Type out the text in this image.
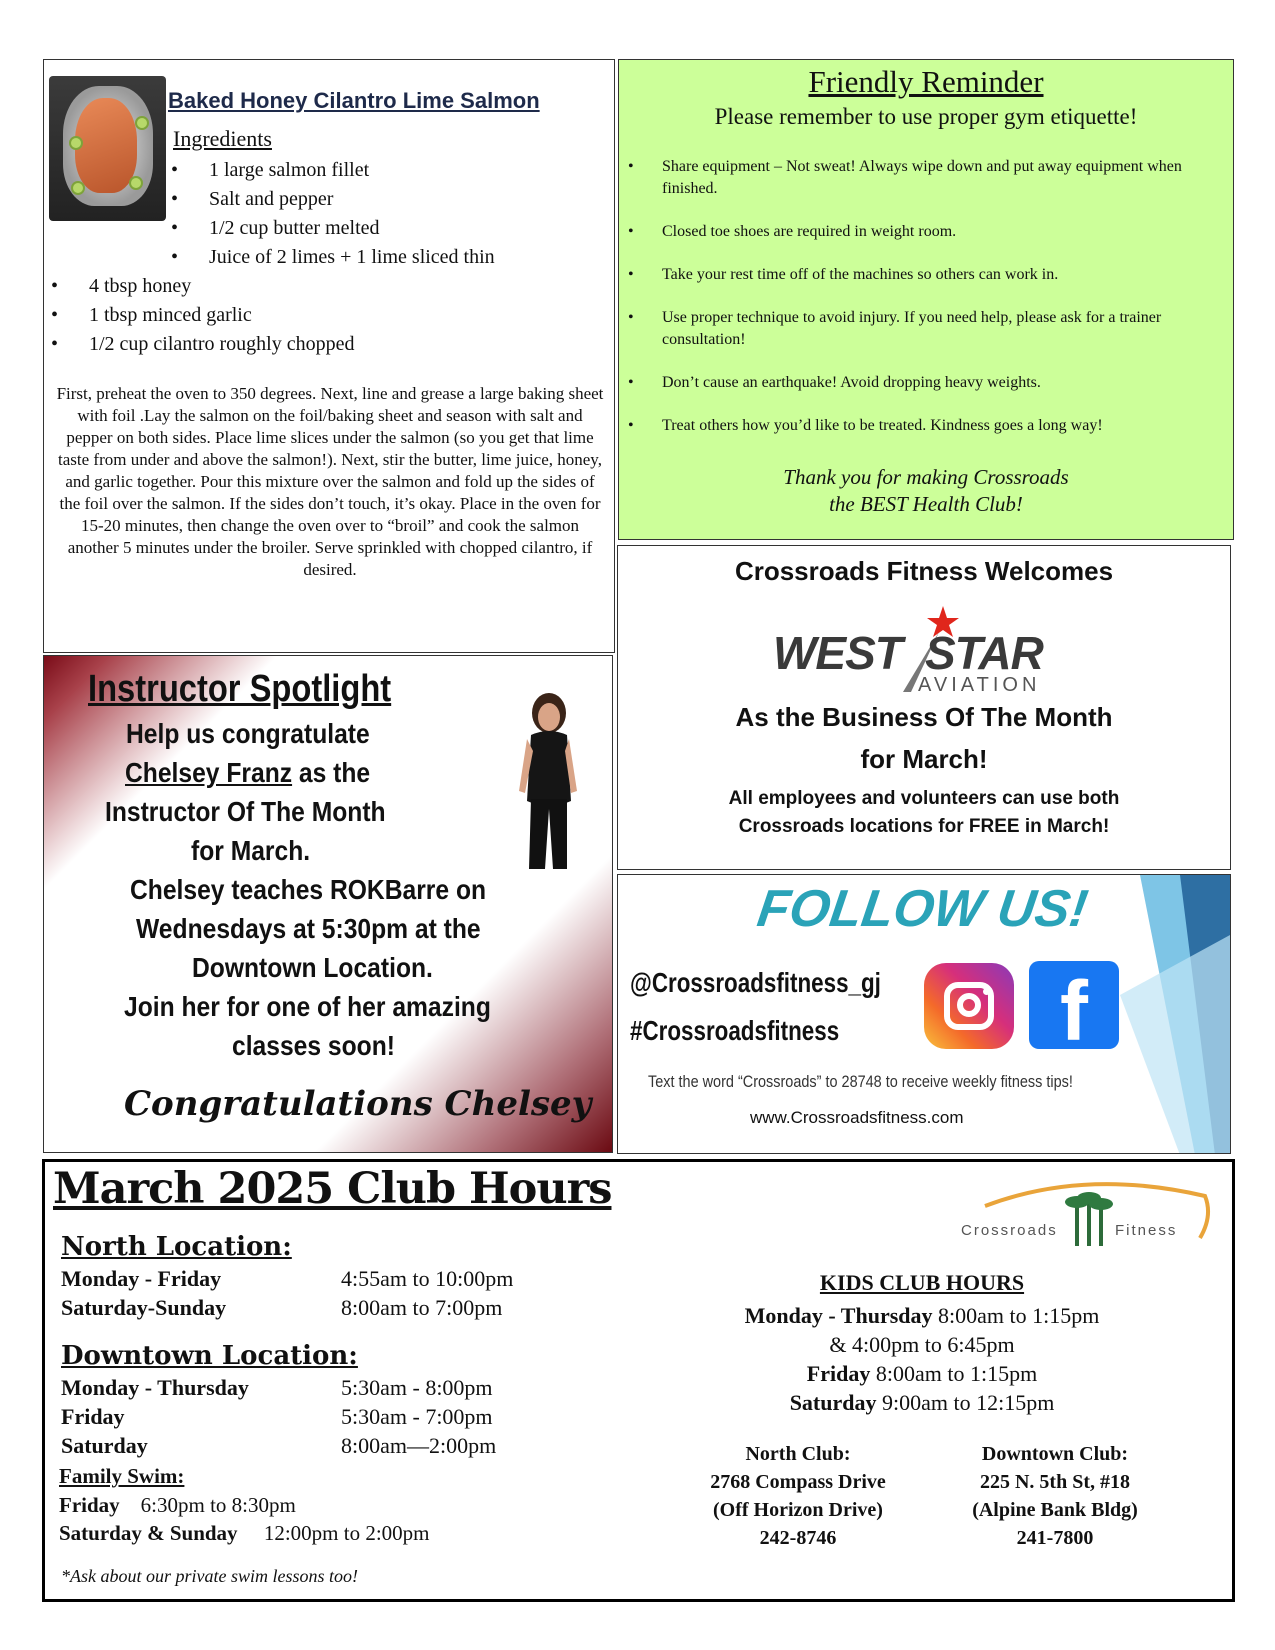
Baked Honey Cilantro Lime Salmon
Ingredients
• 1 large salmon fillet
• Salt and pepper
• 1/2 cup butter melted
• Juice of 2 limes + 1 lime sliced thin
• 4 tbsp honey
• 1 tbsp minced garlic
• 1/2 cup cilantro roughly chopped
First, preheat the oven to 350 degrees. Next, line and grease a large baking sheet with foil .Lay the salmon on the foil/baking sheet and season with salt and pepper on both sides. Place lime slices under the salmon (so you get that lime taste from under and above the salmon!). Next, stir the butter, lime juice, honey, and garlic together. Pour this mixture over the salmon and fold up the sides of the foil over the salmon. If the sides don’t touch, it’s okay. Place in the oven for 15-20 minutes, then change the oven over to “broil” and cook the salmon another 5 minutes under the broiler. Serve sprinkled with chopped cilantro, if desired.
Friendly Reminder
Please remember to use proper gym etiquette!
• Share equipment – Not sweat! Always wipe down and put away equipment when finished.
• Closed toe shoes are required in weight room.
• Take your rest time off of the machines so others can work in.
• Use proper technique to avoid injury. If you need help, please ask for a trainer consultation!
• Don’t cause an earthquake! Avoid dropping heavy weights.
• Treat others how you’d like to be treated. Kindness goes a long way!
Thank you for making Crossroads
the BEST Health Club!
Instructor Spotlight
Help us congratulate
Chelsey Franz as the
Instructor Of The Month
for March.
Chelsey teaches ROKBarre on
Wednesdays at 5:30pm at the
Downtown Location.
Join her for one of her amazing
classes soon!
Congratulations Chelsey
Crossroads Fitness Welcomes
WEST STAR
AVIATION
As the Business Of The Month
for March!
All employees and volunteers can use both
Crossroads locations for FREE in March!
FOLLOW US!
@Crossroadsfitness_gj
#Crossroadsfitness	f
Text the word “Crossroads” to 28748 to receive weekly fitness tips!
www.Crossroadsfitness.com
March 2025 Club Hours
Crossroads	Fitness
North Location:
Monday - Friday	4:55am to 10:00pm
Saturday-Sunday	8:00am to 7:00pm
Downtown Location:
Monday - Thursday	5:30am - 8:00pm
Friday	5:30am - 7:00pm
Saturday	8:00am—2:00pm
Family Swim:
Friday 6:30pm to 8:30pm
Saturday & Sunday 12:00pm to 2:00pm
*Ask about our private swim lessons too!
KIDS CLUB HOURS
Monday - Thursday 8:00am to 1:15pm
& 4:00pm to 6:45pm
Friday 8:00am to 1:15pm
Saturday 9:00am to 12:15pm
North Club:
2768 Compass Drive
(Off Horizon Drive)
242-8746
Downtown Club:
225 N. 5th St, #18
(Alpine Bank Bldg)
241-7800
